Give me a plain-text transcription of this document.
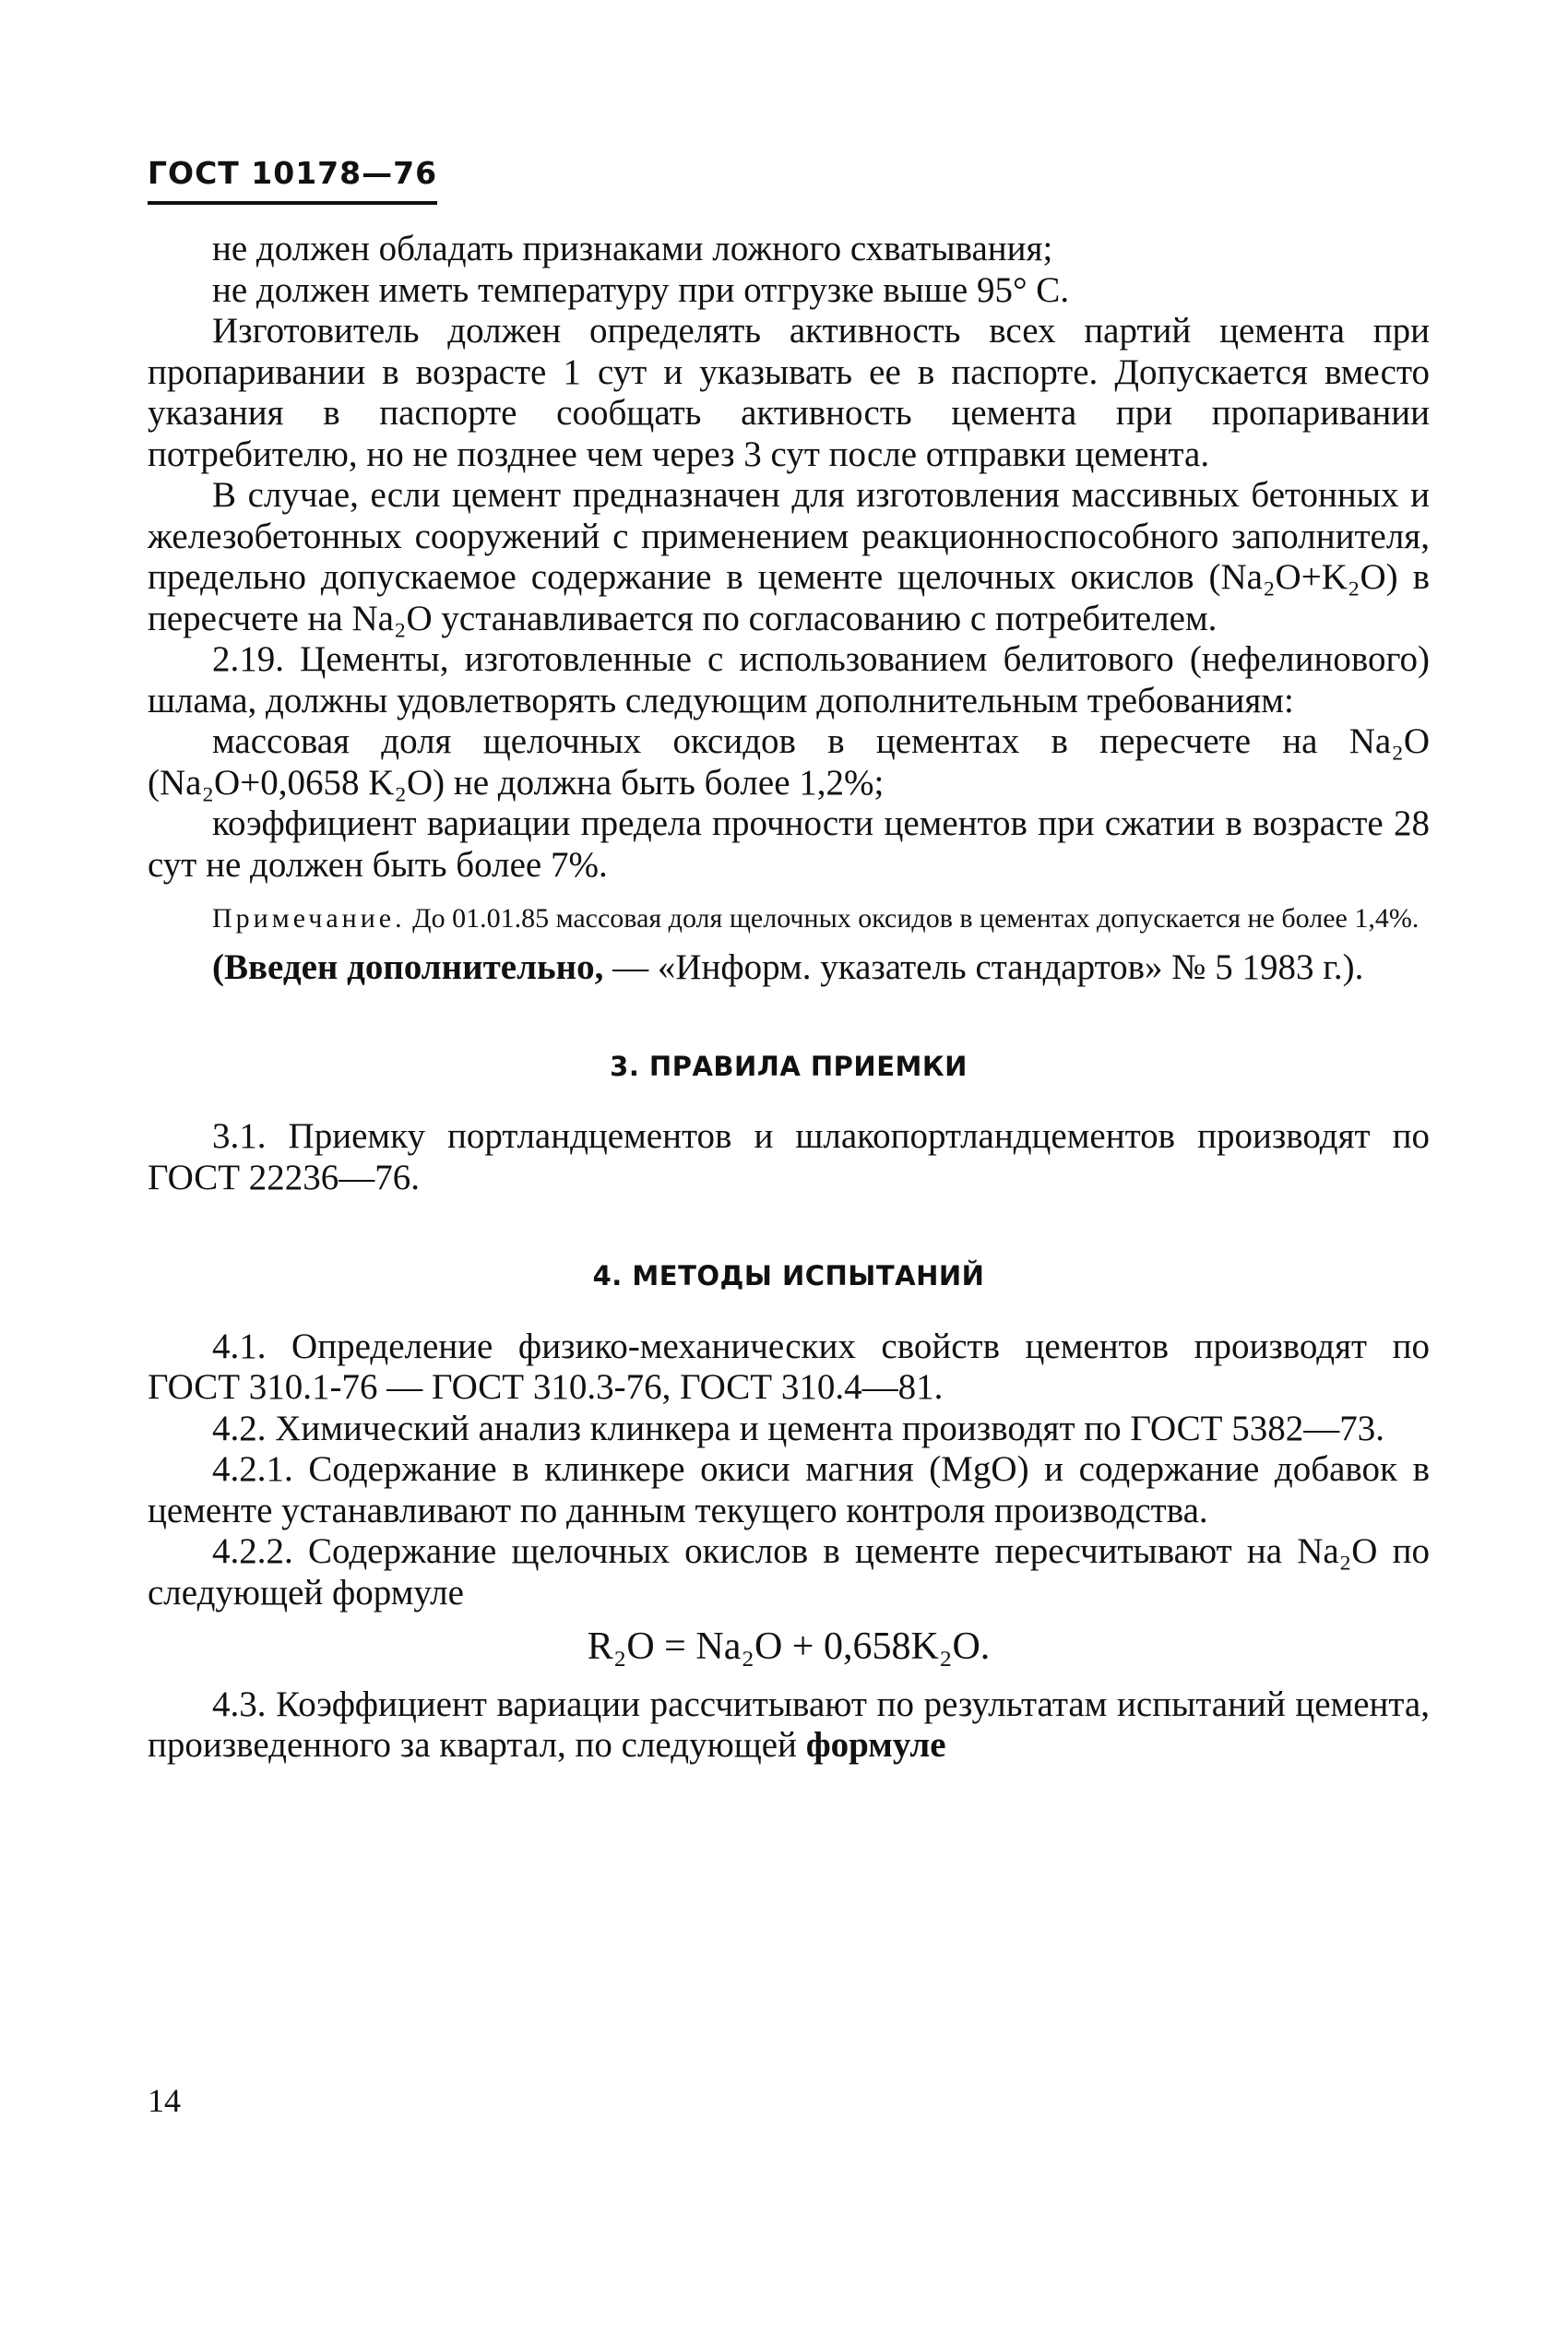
ГОСТ 10178—76

не должен обладать признаками ложного схватывания;

не должен иметь температуру при отгрузке выше 95° С.

Изготовитель должен определять активность всех партий цемента при пропаривании в возрасте 1 сут и указывать ее в паспорте. Допускается вместо указания в паспорте сообщать активность цемента при пропаривании потребителю, но не позднее чем через 3 сут после отправки цемента.

В случае, если цемент предназначен для изготовления массивных бетонных и железобетонных сооружений с применением реакционноспособного заполнителя, предельно допускаемое содержание в цементе щелочных окислов (Na₂O+K₂O) в пересчете на Na₂O устанавливается по согласованию с потребителем.

2.19. Цементы, изготовленные с использованием белитового (нефелинового) шлама, должны удовлетворять следующим дополнительным требованиям:

массовая доля щелочных оксидов в цементах в пересчете на Na₂O (Na₂O+0,0658 K₂O) не должна быть более 1,2%;

коэффициент вариации предела прочности цементов при сжатии в возрасте 28 сут не должен быть более 7%.

Примечание. До 01.01.85 массовая доля щелочных оксидов в цементах допускается не более 1,4%.

(Введен дополнительно, — «Информ. указатель стандартов» № 5 1983 г.).

3. ПРАВИЛА ПРИЕМКИ

3.1. Приемку портландцементов и шлакопортландцементов производят по ГОСТ 22236—76.

4. МЕТОДЫ ИСПЫТАНИЙ

4.1. Определение физико-механических свойств цементов производят по ГОСТ 310.1-76 — ГОСТ 310.3-76, ГОСТ 310.4—81.

4.2. Химический анализ клинкера и цемента производят по ГОСТ 5382—73.

4.2.1. Содержание в клинкере окиси магния (MgO) и содержание добавок в цементе устанавливают по данным текущего контроля производства.

4.2.2. Содержание щелочных окислов в цементе пересчитывают на Na₂O по следующей формуле

R₂O = Na₂O + 0,658K₂O.

4.3. Коэффициент вариации рассчитывают по результатам испытаний цемента, произведенного за квартал, по следующей формуле

14
